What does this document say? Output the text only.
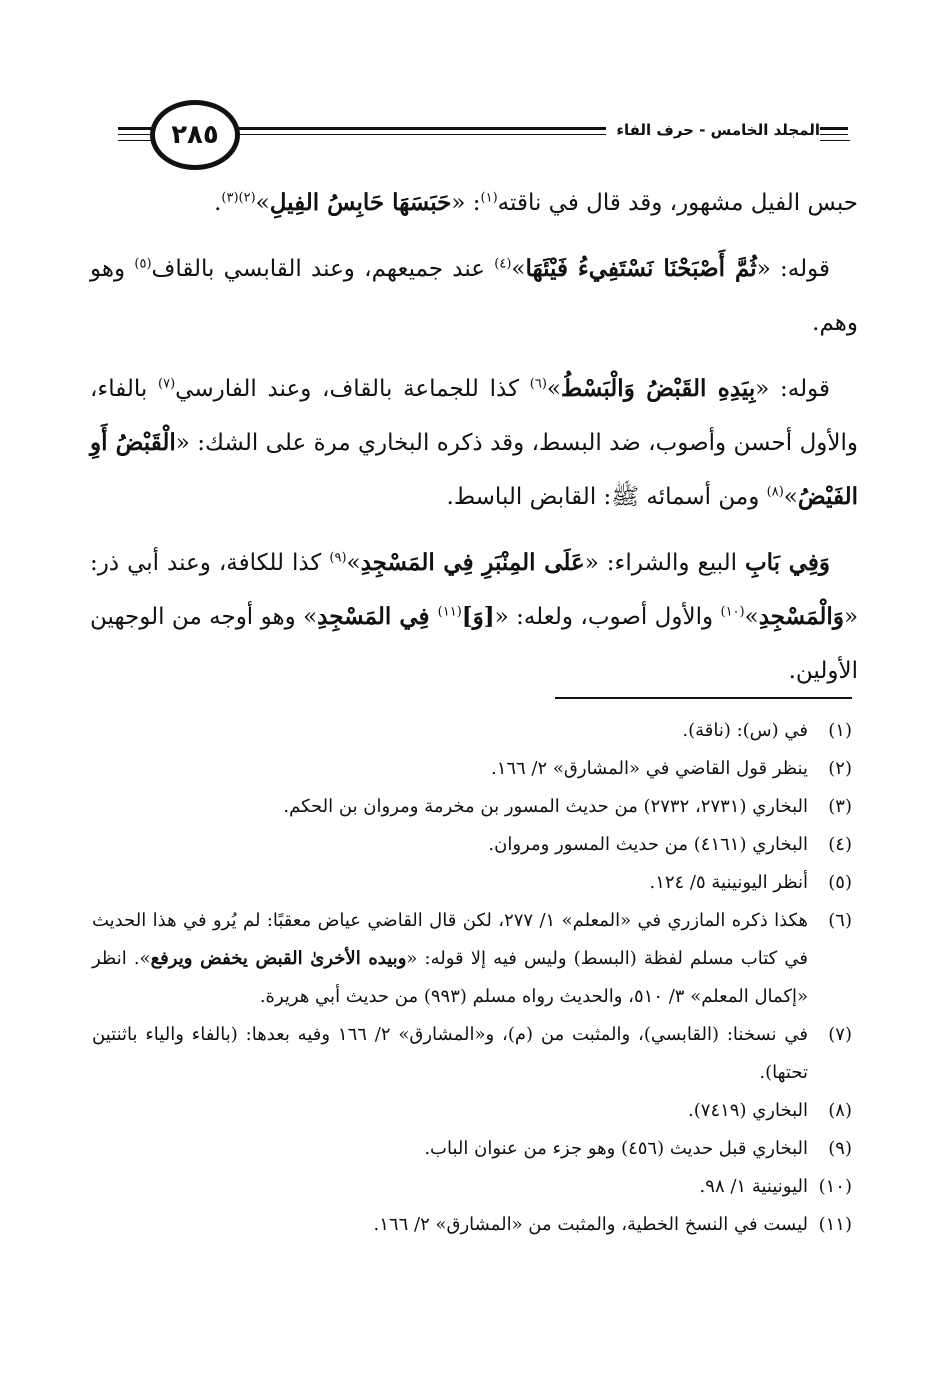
المجلد الخامس - حرف الفاء
٢٨٥

حبس الفيل مشهور، وقد قال في ناقته$^{(١)}$: «حَبَسَهَا حَابِسُ الفِيلِ»$^{(٢)(٣)}$.

قوله: «ثُمَّ أَصْبَحْنَا نَسْتَفِيءُ فَيْئَهَا»$^{(٤)}$ عند جميعهم، وعند القابسي بالقاف$^{(٥)}$ وهو وهم.

قوله: «بِيَدِهِ القَبْضُ وَالْبَسْطُ»$^{(٦)}$ كذا للجماعة بالقاف، وعند الفارسي$^{(٧)}$ بالفاء، والأول أحسن وأصوب، ضد البسط، وقد ذكره البخاري مرة على الشك: «الْقَبْضُ أَوِ الفَيْضُ»$^{(٨)}$ ومن أسمائه ﷺ: القابض الباسط.

وَفِي بَابِ البيع والشراء: «عَلَى المِنْبَرِ فِي المَسْجِدِ»$^{(٩)}$ كذا للكافة، وعند أبي ذر: «وَالْمَسْجِدِ»$^{(١٠)}$ والأول أصوب، ولعله: «[وَ]$^{(١١)}$ فِي المَسْجِدِ» وهو أوجه من الوجهين الأولين.

(١)
في (س): (ناقة).
(٢)
ينظر قول القاضي في «المشارق» ٢/ ١٦٦.
(٣)
البخاري (٢٧٣١، ٢٧٣٢) من حديث المسور بن مخرمة ومروان بن الحكم.
(٤)
البخاري (٤١٦١) من حديث المسور ومروان.
(٥)
أنظر اليونينية ٥/ ١٢٤.
(٦)
هكذا ذكره المازري في «المعلم» ١/ ٢٧٧، لكن قال القاضي عياض معقبًا: لم يُرو في هذا الحديث في كتاب مسلم لفظة (البسط) وليس فيه إلا قوله: «وبيده الأخرىٰ القبض يخفض ويرفع». انظر «إكمال المعلم» ٣/ ٥١٠، والحديث رواه مسلم (٩٩٣) من حديث أبي هريرة.
(٧)
في نسخنا: (القابسي)، والمثبت من (م)، و«المشارق» ٢/ ١٦٦ وفيه بعدها: (بالفاء والياء باثنتين تحتها).
(٨)
البخاري (٧٤١٩).
(٩)
البخاري قبل حديث (٤٥٦) وهو جزء من عنوان الباب.
(١٠)
اليونينية ١/ ٩٨.
(١١)
ليست في النسخ الخطية، والمثبت من «المشارق» ٢/ ١٦٦.
